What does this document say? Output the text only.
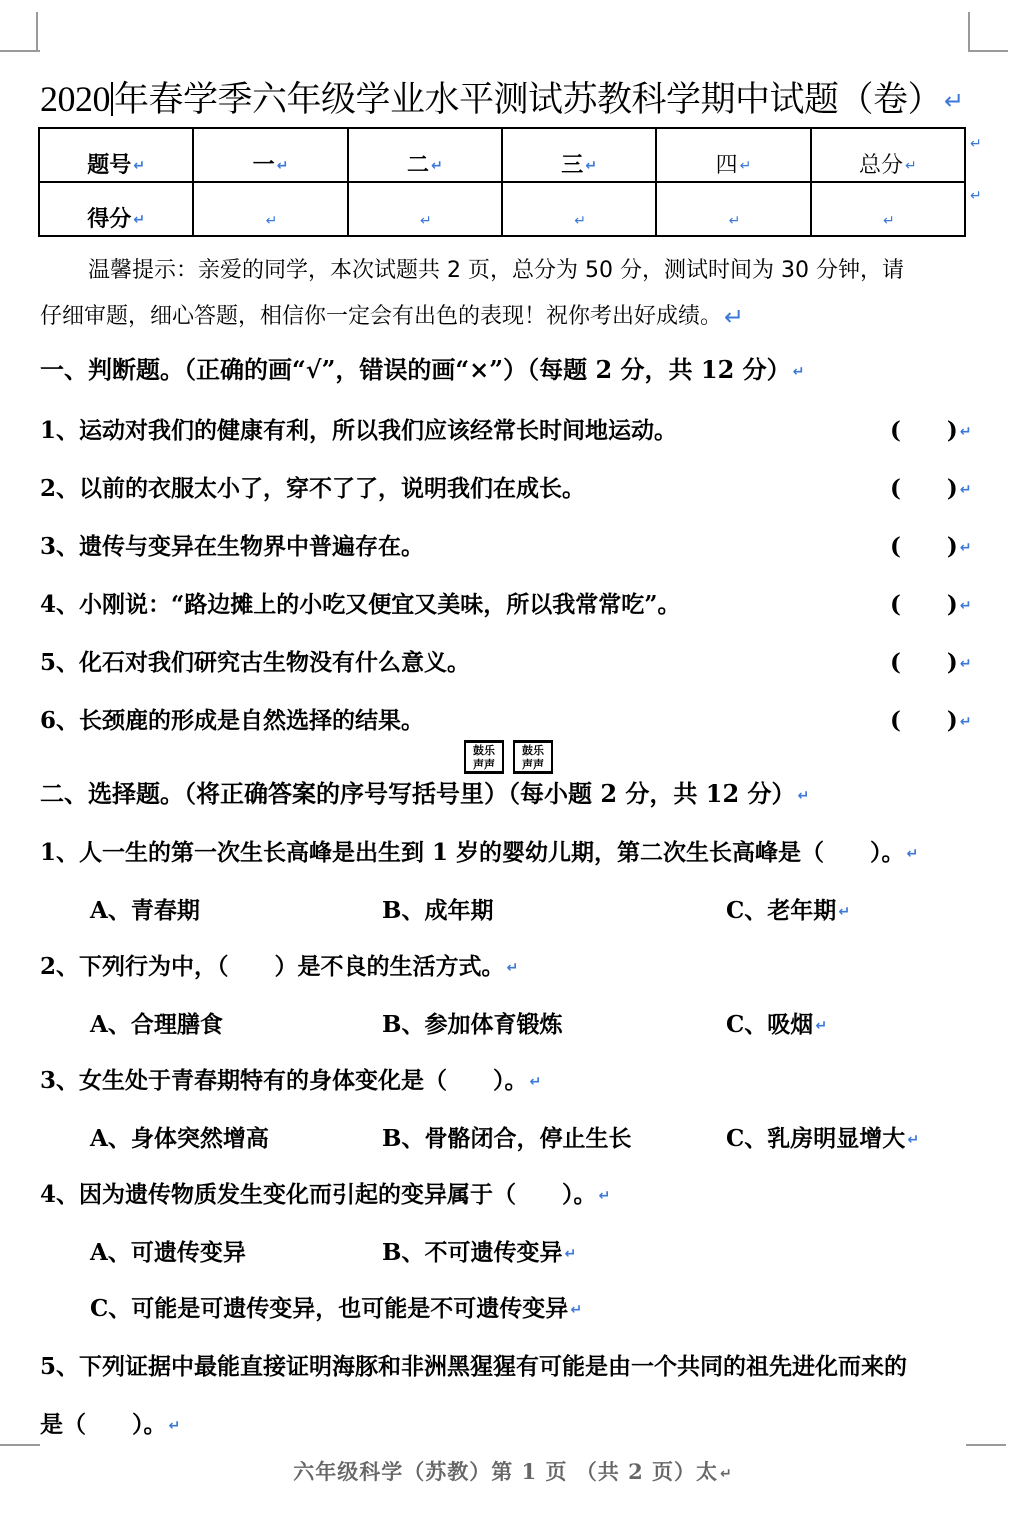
2020 年春学季六年级学业水平测试苏教科学期中试题（卷）↵
题号 ↵	一 ↵	二 ↵	三 ↵	四 ↵	总分 ↵
得分 ↵	↵	↵	↵	↵	↵
↵
↵
温馨提示：亲爱的同学，本次试题共 2 页，总分为 50 分，测试时间为 30 分钟，请
仔细审题，细心答题，相信你一定会有出色的表现！祝你考出好成绩。↵
一、判断题。（正确的画“√”，错误的画“×”）（每题 2 分，共 12 分） ↵
1、运动对我们的健康有利，所以我们应该经常长时间地运动。	(　　) ↵
2、以前的衣服太小了，穿不了了，说明我们在成长。	(　　) ↵
3、遗传与变异在生物界中普遍存在。	(　　) ↵
4、小刚说：“路边摊上的小吃又便宜又美味，所以我常常吃”。	(　　) ↵
5、化石对我们研究古生物没有什么意义。	(　　) ↵
6、长颈鹿的形成是自然选择的结果。	(　　) ↵
鼓乐
声声
鼓乐
声声
二、选择题。（将正确答案的序号写括号里）（每小题 2 分，共 12 分） ↵
1、人一生的第一次生长高峰是出生到 1 岁的婴幼儿期，第二次生长高峰是（　　）。 ↵
A、青春期	B、成年期	C、老年期 ↵
2、下列行为中，（　　）是不良的生活方式。 ↵
A、合理膳食	B、参加体育锻炼	C、吸烟 ↵
3、女生处于青春期特有的身体变化是（　　）。 ↵
A、身体突然增高	B、骨骼闭合，停止生长	C、乳房明显增大 ↵
4、因为遗传物质发生变化而引起的变异属于（　　）。 ↵
A、可遗传变异	B、不可遗传变异 ↵
C、可能是可遗传变异，也可能是不可遗传变异 ↵
5、下列证据中最能直接证明海豚和非洲黑猩猩有可能是由一个共同的祖先进化而来的
是（　　）。 ↵
六年级科学（苏教）第 1 页 （共 2 页）太 ↵
